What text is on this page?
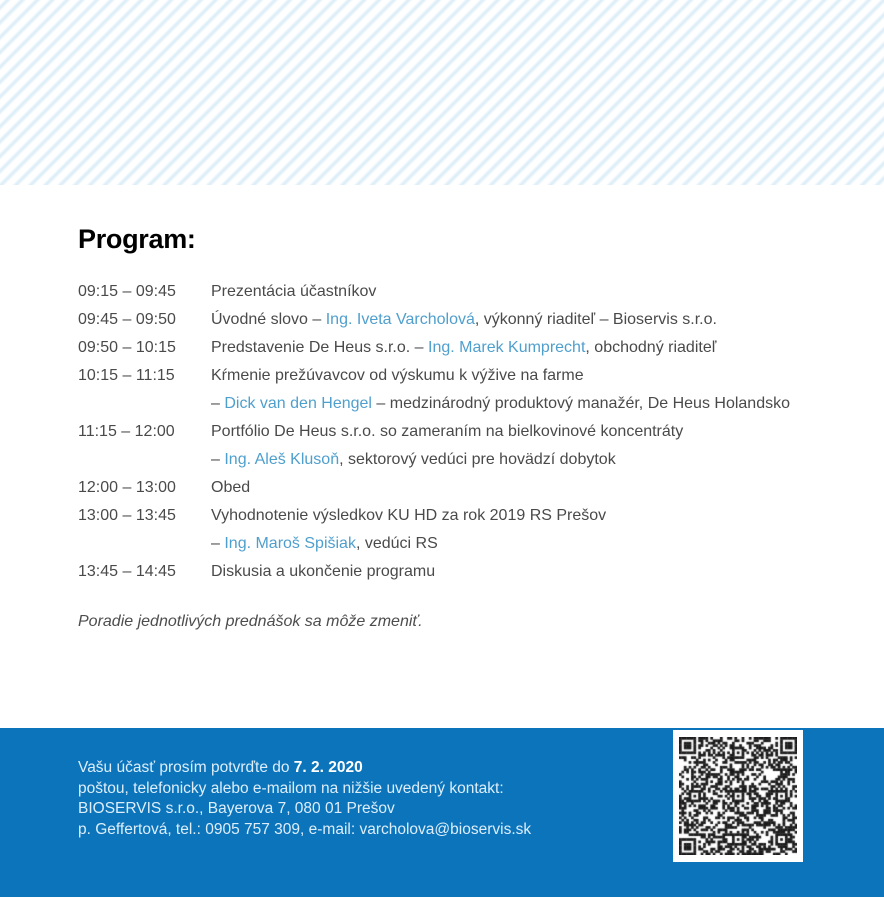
Program:
09:15 – 09:45	Prezentácia účastníkov
09:45 – 09:50	Úvodné slovo – Ing. Iveta Varcholová, výkonný riaditeľ – Bioservis s.r.o.
09:50 – 10:15	Predstavenie De Heus s.r.o. – Ing. Marek Kumprecht, obchodný riaditeľ
10:15 – 11:15	Kŕmenie prežúvavcov od výskumu k výžive na farme
– Dick van den Hengel – medzinárodný produktový manažér, De Heus Holandsko
11:15 – 12:00	Portfólio De Heus s.r.o. so zameraním na bielkovinové koncentráty
– Ing. Aleš Klusoň, sektorový vedúci pre hovädzí dobytok
12:00 – 13:00	Obed
13:00 – 13:45	Vyhodnotenie výsledkov KU HD za rok 2019 RS Prešov
– Ing. Maroš Spišiak, vedúci RS
13:45 – 14:45	Diskusia a ukončenie programu
Poradie jednotlivých prednášok sa môže zmeniť.
Vašu účasť prosím potvrďte do 7. 2. 2020
poštou, telefonicky alebo e-mailom na nižšie uvedený kontakt:
BIOSERVIS s.r.o., Bayerova 7, 080 01 Prešov
p. Geffertová, tel.: 0905 757 309, e-mail: varcholova@bioservis.sk
